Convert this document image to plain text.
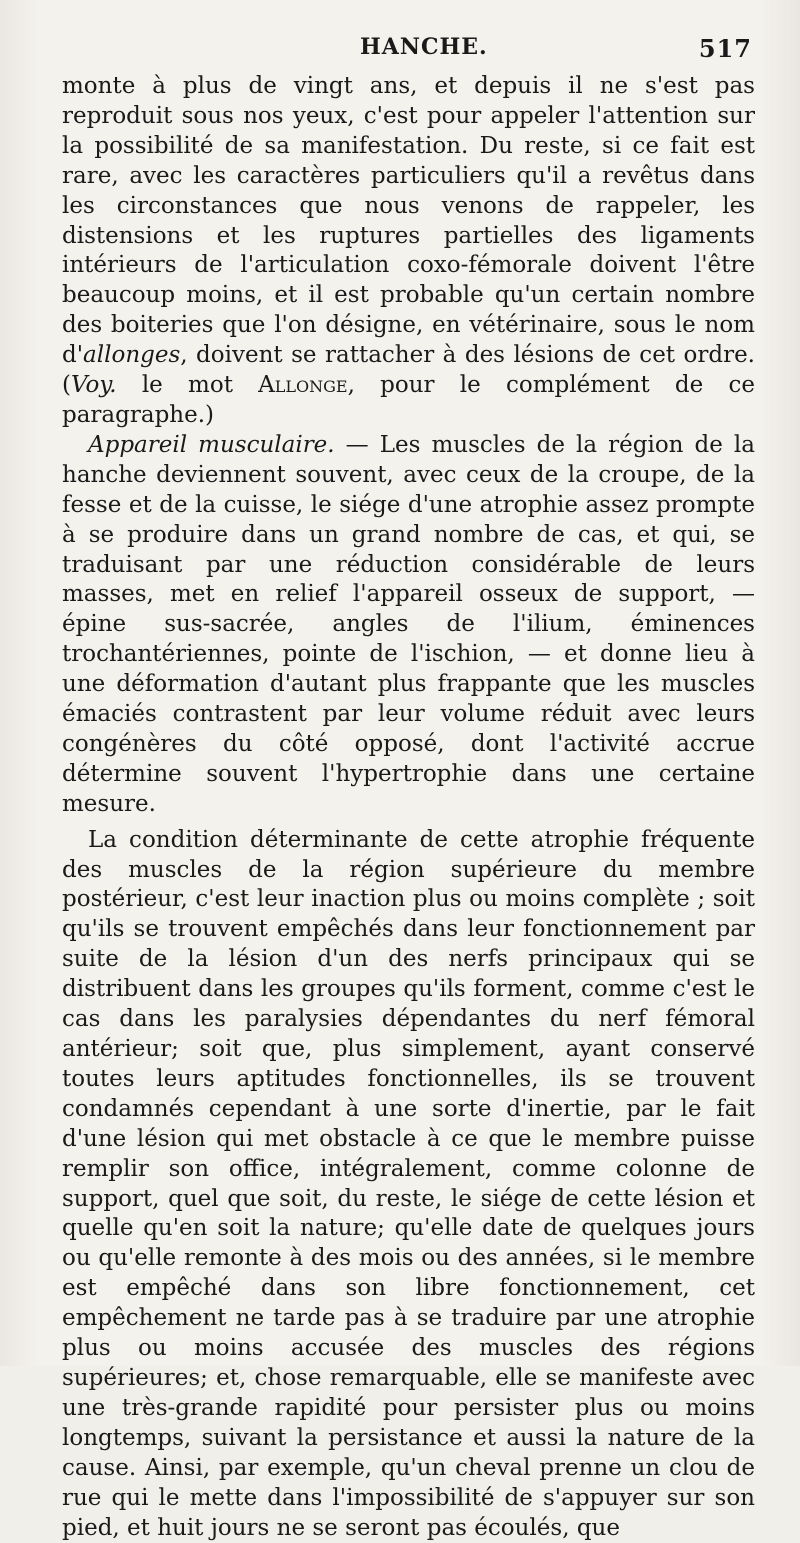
HANCHE.	517

monte à plus de vingt ans, et depuis il ne s'est pas reproduit sous nos yeux, c'est pour appeler l'attention sur la possibilité de sa manifestation. Du reste, si ce fait est rare, avec les caractères particuliers qu'il a revêtus dans les circonstances que nous venons de rappeler, les distensions et les ruptures partielles des ligaments intérieurs de l'articulation coxo-fémorale doivent l'être beaucoup moins, et il est probable qu'un certain nombre des boiteries que l'on désigne, en vétérinaire, sous le nom d'allonges, doivent se rattacher à des lésions de cet ordre. (Voy. le mot Allonge, pour le complément de ce paragraphe.)

Appareil musculaire. — Les muscles de la région de la hanche deviennent souvent, avec ceux de la croupe, de la fesse et de la cuisse, le siége d'une atrophie assez prompte à se produire dans un grand nombre de cas, et qui, se traduisant par une réduction considérable de leurs masses, met en relief l'appareil osseux de support, — épine sus-sacrée, angles de l'ilium, éminences trochantériennes, pointe de l'ischion, — et donne lieu à une déformation d'autant plus frappante que les muscles émaciés contrastent par leur volume réduit avec leurs congénères du côté opposé, dont l'activité accrue détermine souvent l'hypertrophie dans une certaine mesure.

La condition déterminante de cette atrophie fréquente des muscles de la région supérieure du membre postérieur, c'est leur inaction plus ou moins complète ; soit qu'ils se trouvent empêchés dans leur fonctionnement par suite de la lésion d'un des nerfs principaux qui se distribuent dans les groupes qu'ils forment, comme c'est le cas dans les paralysies dépendantes du nerf fémoral antérieur; soit que, plus simplement, ayant conservé toutes leurs aptitudes fonctionnelles, ils se trouvent condamnés cependant à une sorte d'inertie, par le fait d'une lésion qui met obstacle à ce que le membre puisse remplir son office, intégralement, comme colonne de support, quel que soit, du reste, le siége de cette lésion et quelle qu'en soit la nature; qu'elle date de quelques jours ou qu'elle remonte à des mois ou des années, si le membre est empêché dans son libre fonctionnement, cet empêchement ne tarde pas à se traduire par une atrophie plus ou moins accusée des muscles des régions supérieures; et, chose remarquable, elle se manifeste avec une très-grande rapidité pour persister plus ou moins longtemps, suivant la persistance et aussi la nature de la cause. Ainsi, par exemple, qu'un cheval prenne un clou de rue qui le mette dans l'impossibilité de s'appuyer sur son pied, et huit jours ne se seront pas écoulés, que
